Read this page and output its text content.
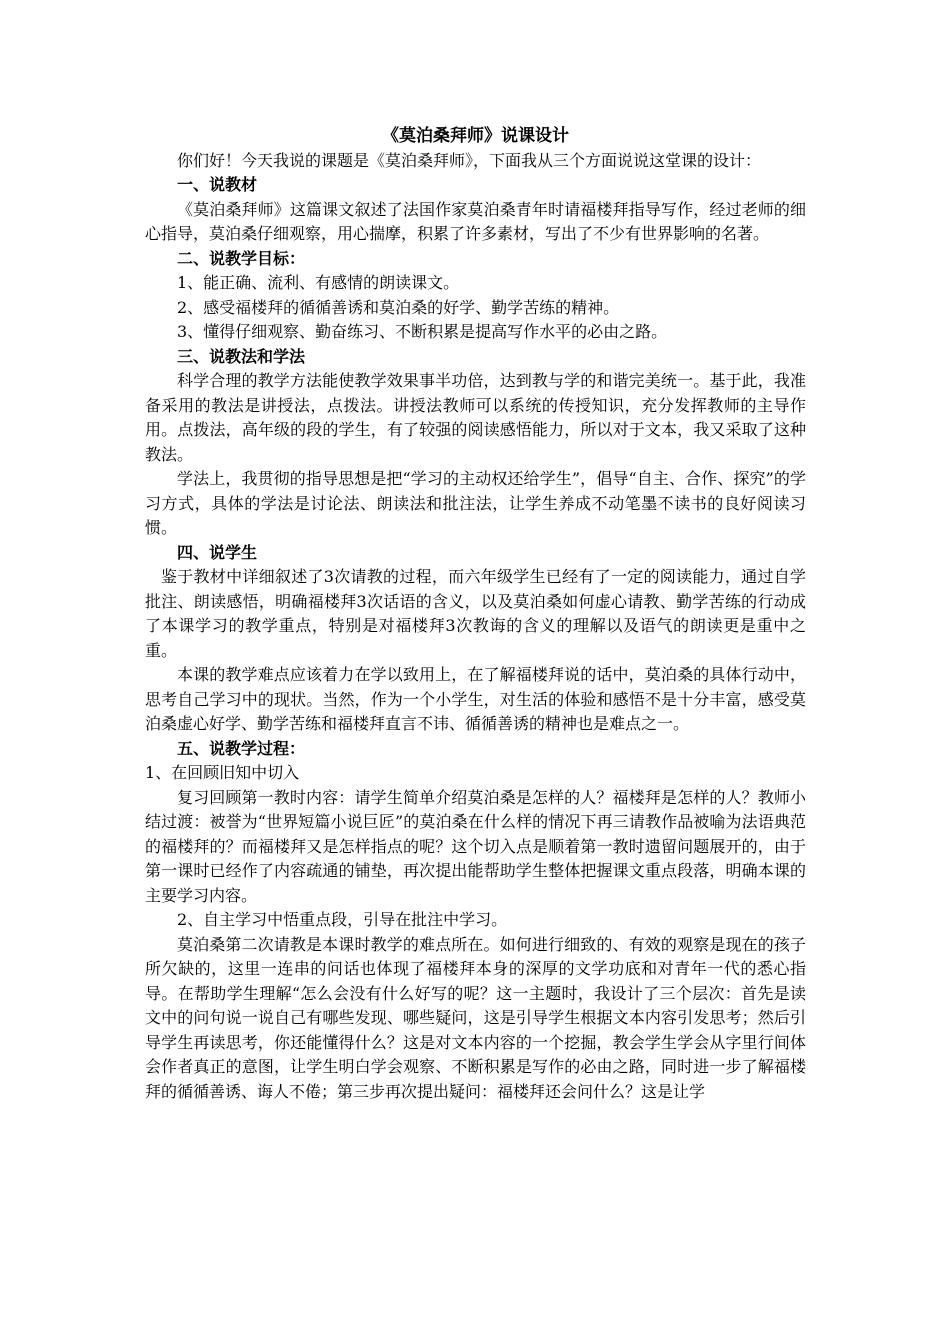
《莫泊桑拜师》说课设计

你们好！今天我说的课题是《莫泊桑拜师》，下面我从三个方面说说这堂课的设计：

一、说教材

《莫泊桑拜师》这篇课文叙述了法国作家莫泊桑青年时请福楼拜指导写作，经过老师的细心指导，莫泊桑仔细观察，用心揣摩，积累了许多素材，写出了不少有世界影响的名著。

二、说教学目标：

1、能正确、流利、有感情的朗读课文。

2、感受福楼拜的循循善诱和莫泊桑的好学、勤学苦练的精神。

3、懂得仔细观察、勤奋练习、不断积累是提高写作水平的必由之路。

三、说教法和学法

科学合理的教学方法能使教学效果事半功倍，达到教与学的和谐完美统一。基于此，我准备采用的教法是讲授法，点拨法。讲授法教师可以系统的传授知识，充分发挥教师的主导作用。点拨法，高年级的段的学生，有了较强的阅读感悟能力，所以对于文本，我又采取了这种教法。

学法上，我贯彻的指导思想是把“学习的主动权还给学生”，倡导“自主、合作、探究”的学习方式，具体的学法是讨论法、朗读法和批注法，让学生养成不动笔墨不读书的良好阅读习惯。

四、说学生

鉴于教材中详细叙述了3次请教的过程，而六年级学生已经有了一定的阅读能力，通过自学批注、朗读感悟，明确福楼拜3次话语的含义，以及莫泊桑如何虚心请教、勤学苦练的行动成了本课学习的教学重点，特别是对福楼拜3次教诲的含义的理解以及语气的朗读更是重中之重。

本课的教学难点应该着力在学以致用上，在了解福楼拜说的话中，莫泊桑的具体行动中，思考自己学习中的现状。当然，作为一个小学生，对生活的体验和感悟不是十分丰富，感受莫泊桑虚心好学、勤学苦练和福楼拜直言不讳、循循善诱的精神也是难点之一。

五、说教学过程：

1、在回顾旧知中切入

复习回顾第一教时内容：请学生简单介绍莫泊桑是怎样的人？福楼拜是怎样的人？教师小结过渡：被誉为“世界短篇小说巨匠”的莫泊桑在什么样的情况下再三请教作品被喻为法语典范的福楼拜的？而福楼拜又是怎样指点的呢？这个切入点是顺着第一教时遗留问题展开的，由于第一课时已经作了内容疏通的铺垫，再次提出能帮助学生整体把握课文重点段落，明确本课的主要学习内容。

2、自主学习中悟重点段，引导在批注中学习。

莫泊桑第二次请教是本课时教学的难点所在。如何进行细致的、有效的观察是现在的孩子所欠缺的，这里一连串的问话也体现了福楼拜本身的深厚的文学功底和对青年一代的悉心指导。在帮助学生理解“怎么会没有什么好写的呢？这一主题时，我设计了三个层次：首先是读文中的问句说一说自己有哪些发现、哪些疑问，这是引导学生根据文本内容引发思考；然后引导学生再读思考，你还能懂得什么？这是对文本内容的一个挖掘，教会学生学会从字里行间体会作者真正的意图，让学生明白学会观察、不断积累是写作的必由之路，同时进一步了解福楼拜的循循善诱、诲人不倦；第三步再次提出疑问：福楼拜还会问什么？这是让学
